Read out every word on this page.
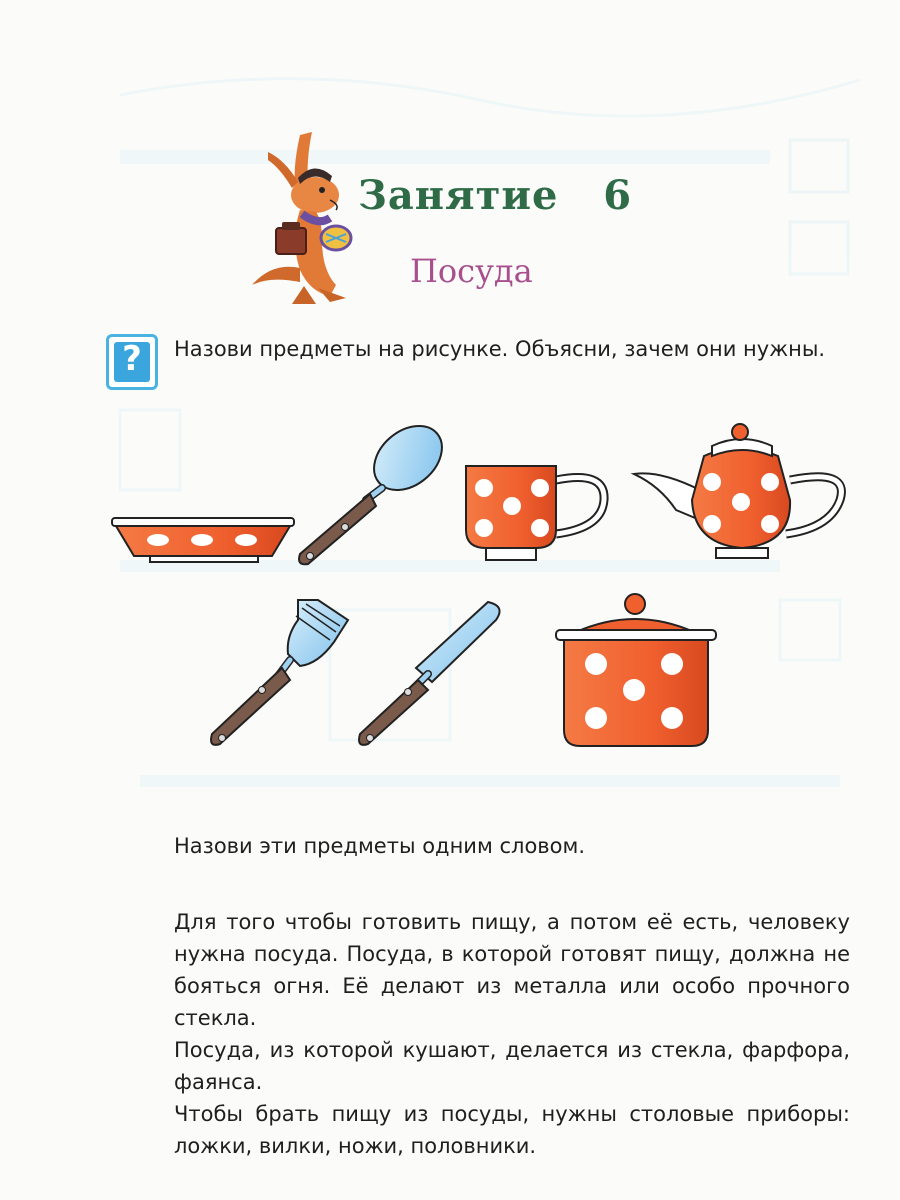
Занятие   6
Посуда
?	Назови предметы на рисунке. Объясни, зачем они нужны.
Назови эти предметы одним словом.

Для того чтобы готовить пищу, а потом её есть, человеку нужна посуда. Посуда, в которой готовят пищу, должна не бояться огня. Её делают из металла или особо прочного стекла.

Посуда, из которой кушают, делается из стекла, фарфора, фаянса.

Чтобы брать пищу из посуды, нужны столовые приборы: ложки, вилки, ножи, половники.
